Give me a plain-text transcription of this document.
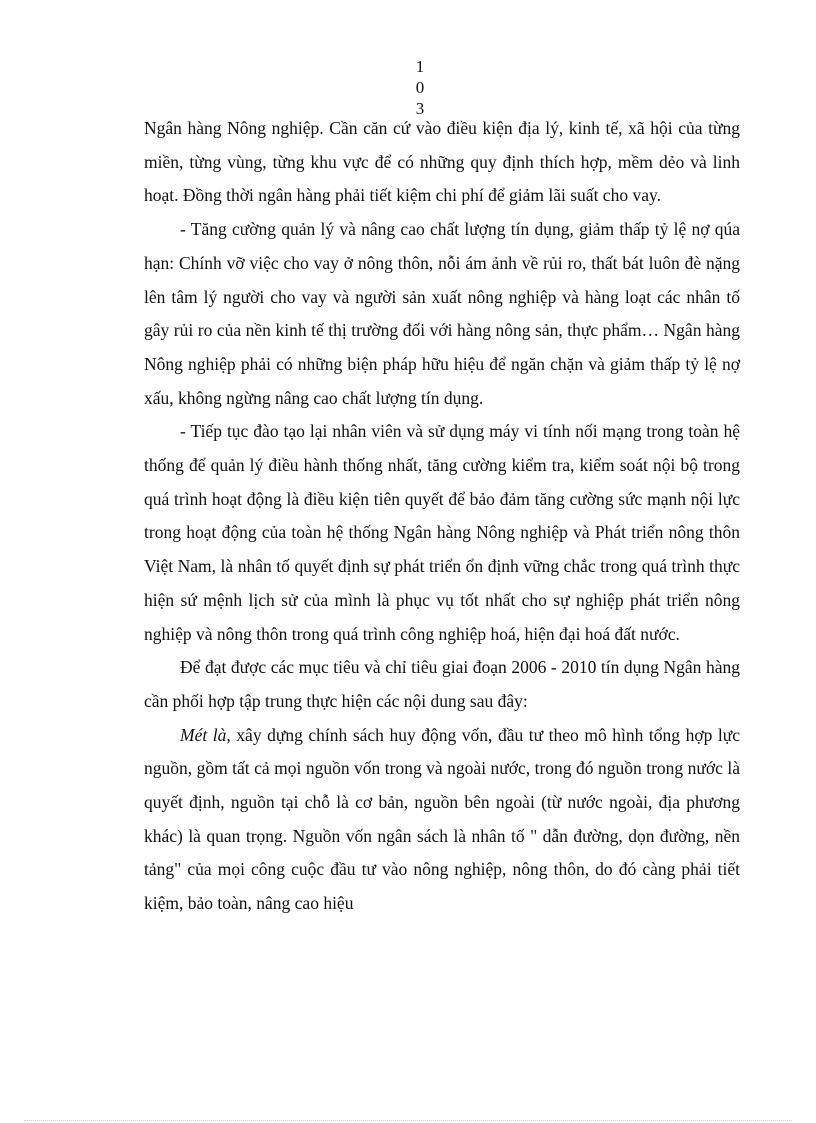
1
0
3

Ngân hàng Nông nghiệp. Cần căn cứ vào điều kiện địa lý, kinh tế, xã hội của từng miền, từng vùng, từng khu vực để có những quy định thích hợp, mềm dẻo và linh hoạt. Đồng thời ngân hàng phải tiết kiệm chi phí để giảm lãi suất cho vay.

- Tăng cường quản lý và nâng cao chất lượng tín dụng, giảm thấp tỷ lệ nợ qúa hạn: Chính vỡ việc cho vay ở nông thôn, nỗi ám ảnh về rủi ro, thất bát luôn đè nặng lên tâm lý người cho vay và người sản xuất nông nghiệp và hàng loạt các nhân tố gây rủi ro của nền kinh tế thị trường đối với hàng nông sản, thực phẩm… Ngân hàng Nông nghiệp phải có những biện pháp hữu hiệu để ngăn chặn và giảm thấp tỷ lệ nợ xấu, không ngừng nâng cao chất lượng tín dụng.

- Tiếp tục đào tạo lại nhân viên và sử dụng máy vi tính nối mạng trong toàn hệ thống để quản lý điều hành thống nhất, tăng cường kiểm tra, kiểm soát nội bộ trong quá trình hoạt động là điều kiện tiên quyết để bảo đảm tăng cường sức mạnh nội lực trong hoạt động của toàn hệ thống Ngân hàng Nông nghiệp và Phát triển nông thôn Việt Nam, là nhân tố quyết định sự phát triển ổn định vững chắc trong quá trình thực hiện sứ mệnh lịch sử của mình là phục vụ tốt nhất cho sự nghiệp phát triển nông nghiệp và nông thôn trong quá trình công nghiệp hoá, hiện đại hoá đất nước.

Để đạt được các mục tiêu và chỉ tiêu giai đoạn 2006 - 2010 tín dụng Ngân hàng cần phối hợp tập trung thực hiện các nội dung sau đây:

Mét là, xây dựng chính sách huy động vốn, đầu tư theo mô hình tổng hợp lực nguồn, gồm tất cả mọi nguồn vốn trong và ngoài nước, trong đó nguồn trong nước là quyết định, nguồn tại chỗ là cơ bản, nguồn bên ngoài (từ nước ngoài, địa phương khác) là quan trọng. Nguồn vốn ngân sách là nhân tố " dẫn đường, dọn đường, nền tảng" của mọi công cuộc đầu tư vào nông nghiệp, nông thôn, do đó càng phải tiết kiệm, bảo toàn, nâng cao hiệu
